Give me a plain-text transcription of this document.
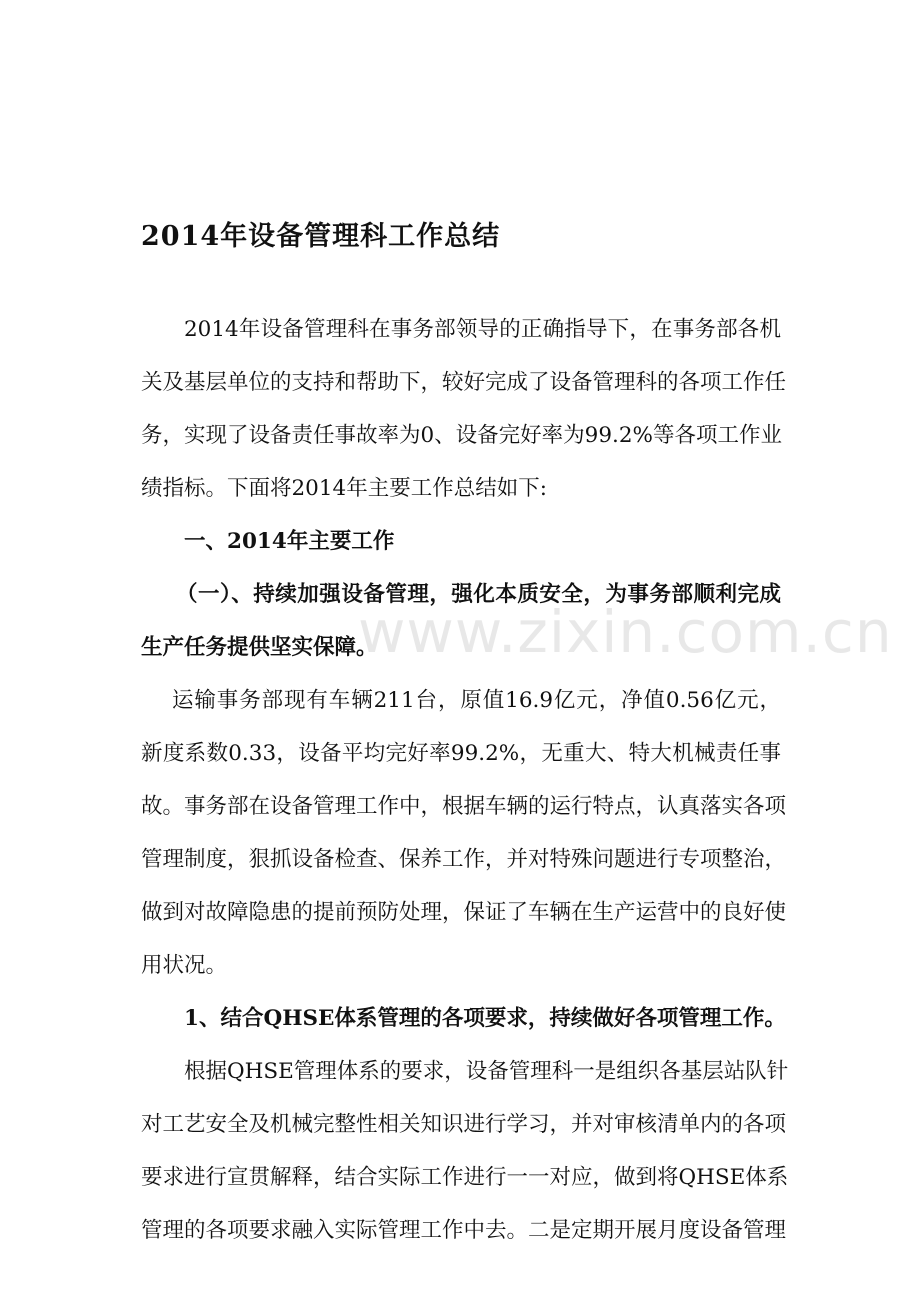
2014年设备管理科工作总结
2014年设备管理科在事务部领导的正确指导下，在事务部各机
关及基层单位的支持和帮助下，较好完成了设备管理科的各项工作任
务，实现了设备责任事故率为0、设备完好率为99.2%等各项工作业
绩指标。下面将2014年主要工作总结如下:
一、2014年主要工作
（一）、持续加强设备管理，强化本质安全，为事务部顺利完成
生产任务提供坚实保障。
运输事务部现有车辆211台，原值16.9亿元，净值0.56亿元，
新度系数0.33，设备平均完好率99.2%，无重大、特大机械责任事
故。事务部在设备管理工作中，根据车辆的运行特点，认真落实各项
管理制度，狠抓设备检查、保养工作，并对特殊问题进行专项整治，
做到对故障隐患的提前预防处理，保证了车辆在生产运营中的良好使
用状况。
1、结合QHSE体系管理的各项要求，持续做好各项管理工作。
根据QHSE管理体系的要求，设备管理科一是组织各基层站队针
对工艺安全及机械完整性相关知识进行学习，并对审核清单内的各项
要求进行宣贯解释，结合实际工作进行一一对应，做到将QHSE体系
管理的各项要求融入实际管理工作中去。二是定期开展月度设备管理
www.zixin.com.cn
